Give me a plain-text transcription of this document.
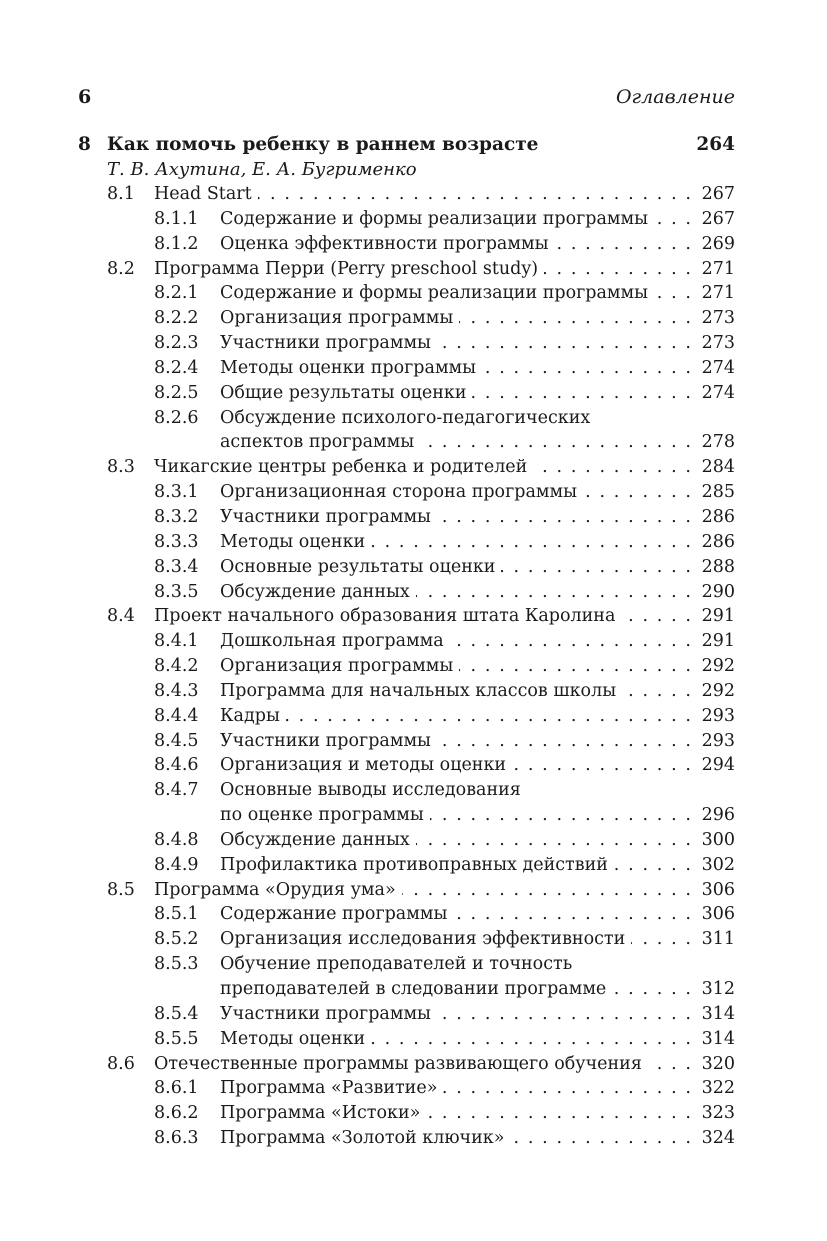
6	Оглавление
8 Как помочь ребенку в раннем возрасте	264
Т. В. Ахутина, Е. А. Бугрименко
8.1 Head Start . . .	267
8.1.1 Содержание и формы реализации программы . . .	267
8.1.2 Оценка эффективности программы . . .	269
8.2 Программа Перри (Perry preschool study) . . .	271
8.2.1 Содержание и формы реализации программы . . .	271
8.2.2 Организация программы . . .	273
8.2.3 Участники программы . . .	273
8.2.4 Методы оценки программы . . .	274
8.2.5 Общие результаты оценки . . .	274
8.2.6 Обсуждение психолого-педагогических
аспектов программы . . .	278
8.3 Чикагские центры ребенка и родителей . . .	284
8.3.1 Организационная сторона программы . . .	285
8.3.2 Участники программы . . .	286
8.3.3 Методы оценки . . .	286
8.3.4 Основные результаты оценки . . .	288
8.3.5 Обсуждение данных . . .	290
8.4 Проект начального образования штата Каролина . . .	291
8.4.1 Дошкольная программа . . .	291
8.4.2 Организация программы . . .	292
8.4.3 Программа для начальных классов школы . . .	292
8.4.4 Кадры . . .	293
8.4.5 Участники программы . . .	293
8.4.6 Организация и методы оценки . . .	294
8.4.7 Основные выводы исследования
по оценке программы . . .	296
8.4.8 Обсуждение данных . . .	300
8.4.9 Профилактика противоправных действий . . .	302
8.5 Программа «Орудия ума» . . .	306
8.5.1 Содержание программы . . .	306
8.5.2 Организация исследования эффективности . . .	311
8.5.3 Обучение преподавателей и точность
преподавателей в следовании программе . . .	312
8.5.4 Участники программы . . .	314
8.5.5 Методы оценки . . .	314
8.6 Отечественные программы развивающего обучения . . .	320
8.6.1 Программа «Развитие» . . .	322
8.6.2 Программа «Истоки» . . .	323
8.6.3 Программа «Золотой ключик» . . .	324
